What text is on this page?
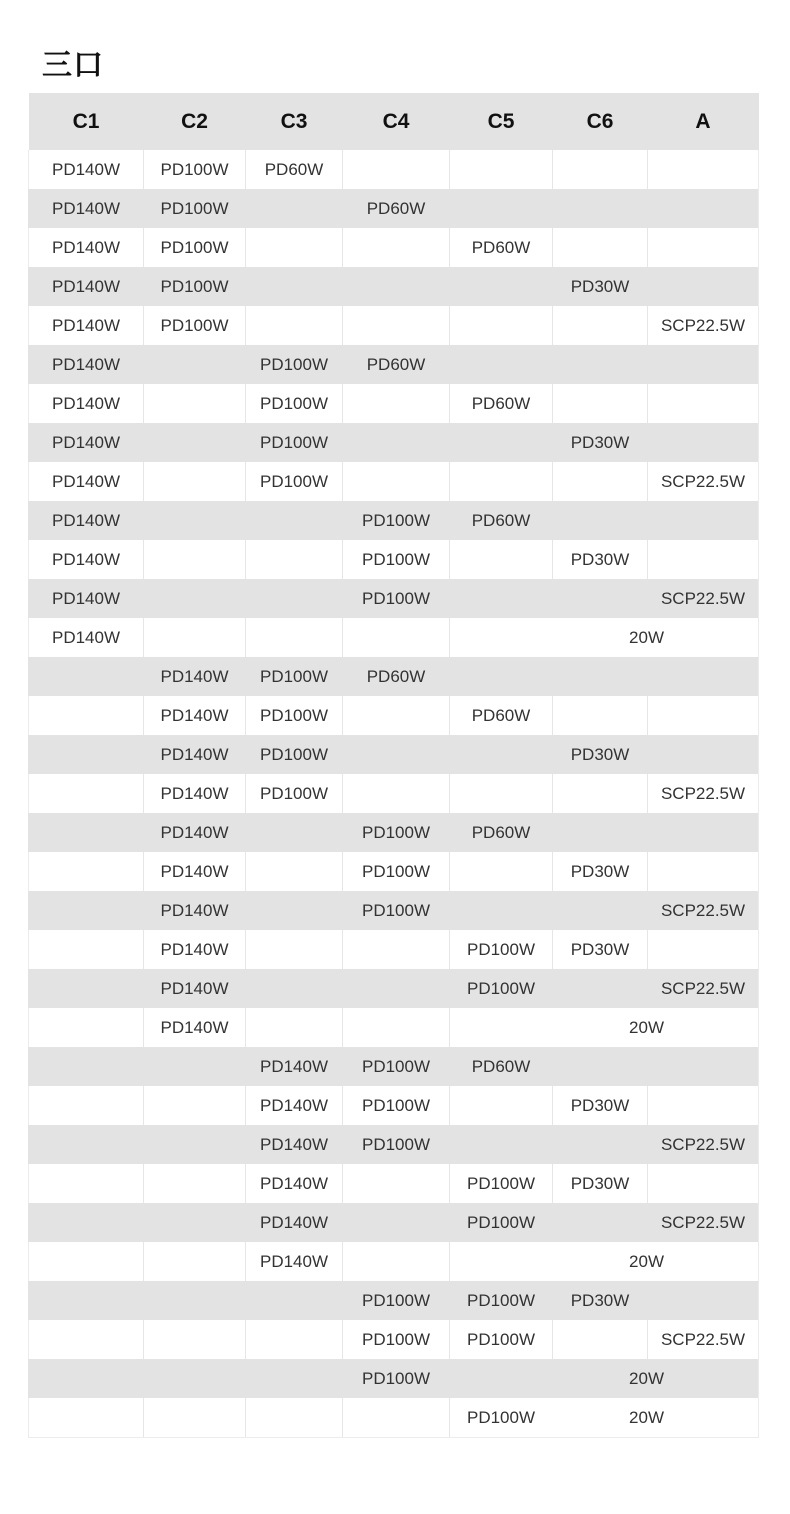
三口
C1	C2	C3	C4	C5	C6	A
PD140W	PD100W	PD60W				
PD140W	PD100W		PD60W			
PD140W	PD100W			PD60W		
PD140W	PD100W				PD30W	
PD140W	PD100W					SCP22.5W
PD140W		PD100W	PD60W			
PD140W		PD100W		PD60W		
PD140W		PD100W			PD30W	
PD140W		PD100W				SCP22.5W
PD140W			PD100W	PD60W		
PD140W			PD100W		PD30W	
PD140W			PD100W			SCP22.5W
PD140W					20W	
	PD140W	PD100W	PD60W			
	PD140W	PD100W		PD60W		
	PD140W	PD100W			PD30W	
	PD140W	PD100W				SCP22.5W
	PD140W		PD100W	PD60W		
	PD140W		PD100W		PD30W	
	PD140W		PD100W			SCP22.5W
	PD140W			PD100W	PD30W	
	PD140W			PD100W		SCP22.5W
	PD140W				20W	
		PD140W	PD100W	PD60W		
		PD140W	PD100W		PD30W	
		PD140W	PD100W			SCP22.5W
		PD140W		PD100W	PD30W	
		PD140W		PD100W		SCP22.5W
		PD140W			20W	
			PD100W	PD100W	PD30W	
			PD100W	PD100W		SCP22.5W
			PD100W		20W	
				PD100W	20W	
